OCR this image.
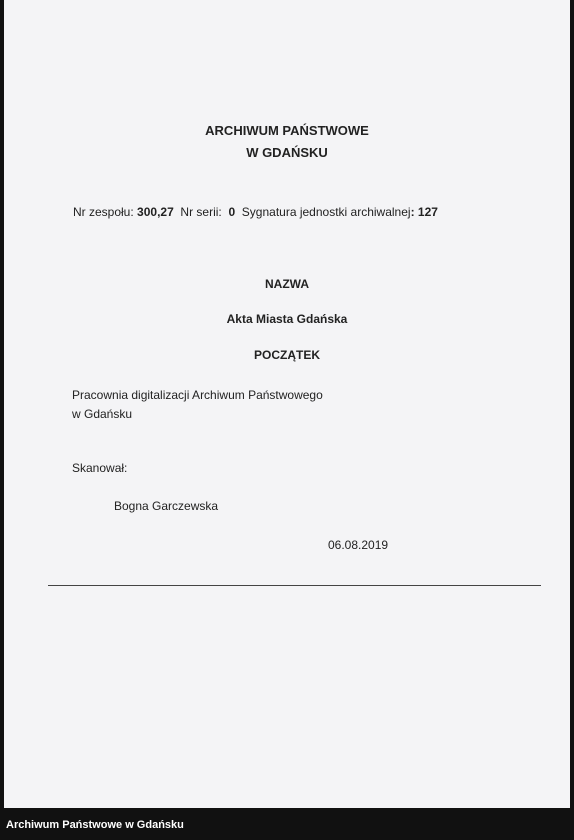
ARCHIWUM PAŃSTWOWE
W GDAŃSKU
Nr zespołu: 300,27 Nr serii: 0 Sygnatura jednostki archiwalnej: 127
NAZWA
Akta Miasta Gdańska
POCZĄTEK
Pracownia digitalizacji Archiwum Państwowego
w Gdańsku
Skanował:
Bogna Garczewska
06.08.2019
Archiwum Państwowe w Gdańsku
